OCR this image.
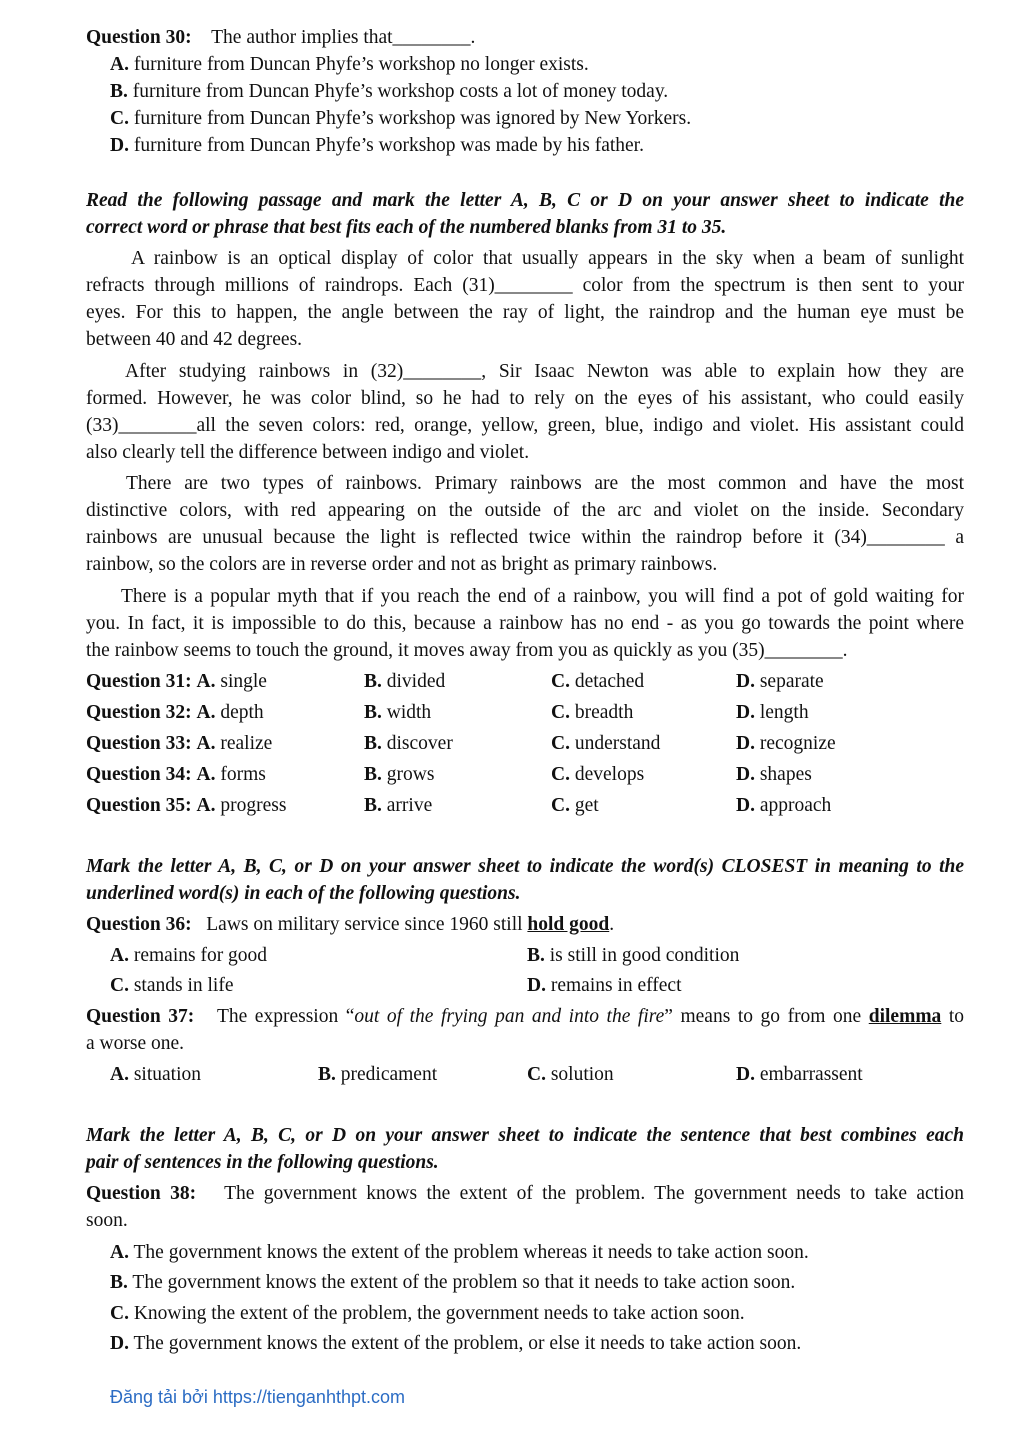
Question 30: The author implies that________.
A. furniture from Duncan Phyfe’s workshop no longer exists.
B. furniture from Duncan Phyfe’s workshop costs a lot of money today.
C. furniture from Duncan Phyfe’s workshop was ignored by New Yorkers.
D. furniture from Duncan Phyfe’s workshop was made by his father.
Read the following passage and mark the letter A, B, C or D on your answer sheet to indicate the
correct word or phrase that best fits each of the numbered blanks from 31 to 35.
A rainbow is an optical display of color that usually appears in the sky when a beam of sunlight
refracts through millions of raindrops. Each (31)________ color from the spectrum is then sent to your
eyes. For this to happen, the angle between the ray of light, the raindrop and the human eye must be
between 40 and 42 degrees.
After studying rainbows in (32)________, Sir Isaac Newton was able to explain how they are
formed. However, he was color blind, so he had to rely on the eyes of his assistant, who could easily
(33)________all the seven colors: red, orange, yellow, green, blue, indigo and violet. His assistant could
also clearly tell the difference between indigo and violet.
There are two types of rainbows. Primary rainbows are the most common and have the most
distinctive colors, with red appearing on the outside of the arc and violet on the inside. Secondary
rainbows are unusual because the light is reflected twice within the raindrop before it (34)________ a
rainbow, so the colors are in reverse order and not as bright as primary rainbows.
There is a popular myth that if you reach the end of a rainbow, you will find a pot of gold waiting for
you. In fact, it is impossible to do this, because a rainbow has no end - as you go towards the point where
the rainbow seems to touch the ground, it moves away from you as quickly as you (35)________.
Question 31: A. single	B. divided	C. detached	D. separate
Question 32: A. depth	B. width	C. breadth	D. length
Question 33: A. realize	B. discover	C. understand	D. recognize
Question 34: A. forms	B. grows	C. develops	D. shapes
Question 35: A. progress	B. arrive	C. get	D. approach
Mark the letter A, B, C, or D on your answer sheet to indicate the word(s) CLOSEST in meaning to the
underlined word(s) in each of the following questions.
Question 36: Laws on military service since 1960 still hold good.
A. remains for good	B. is still in good condition
C. stands in life	D. remains in effect
Question 37: The expression “out of the frying pan and into the fire” means to go from one dilemma to
a worse one.
A. situation	B. predicament	C. solution	D. embarrassent
Mark the letter A, B, C, or D on your answer sheet to indicate the sentence that best combines each
pair of sentences in the following questions.
Question 38: The government knows the extent of the problem. The government needs to take action
soon.
A. The government knows the extent of the problem whereas it needs to take action soon.
B. The government knows the extent of the problem so that it needs to take action soon.
C. Knowing the extent of the problem, the government needs to take action soon.
D. The government knows the extent of the problem, or else it needs to take action soon.
Đăng tải bởi https://tienganhthpt.com
